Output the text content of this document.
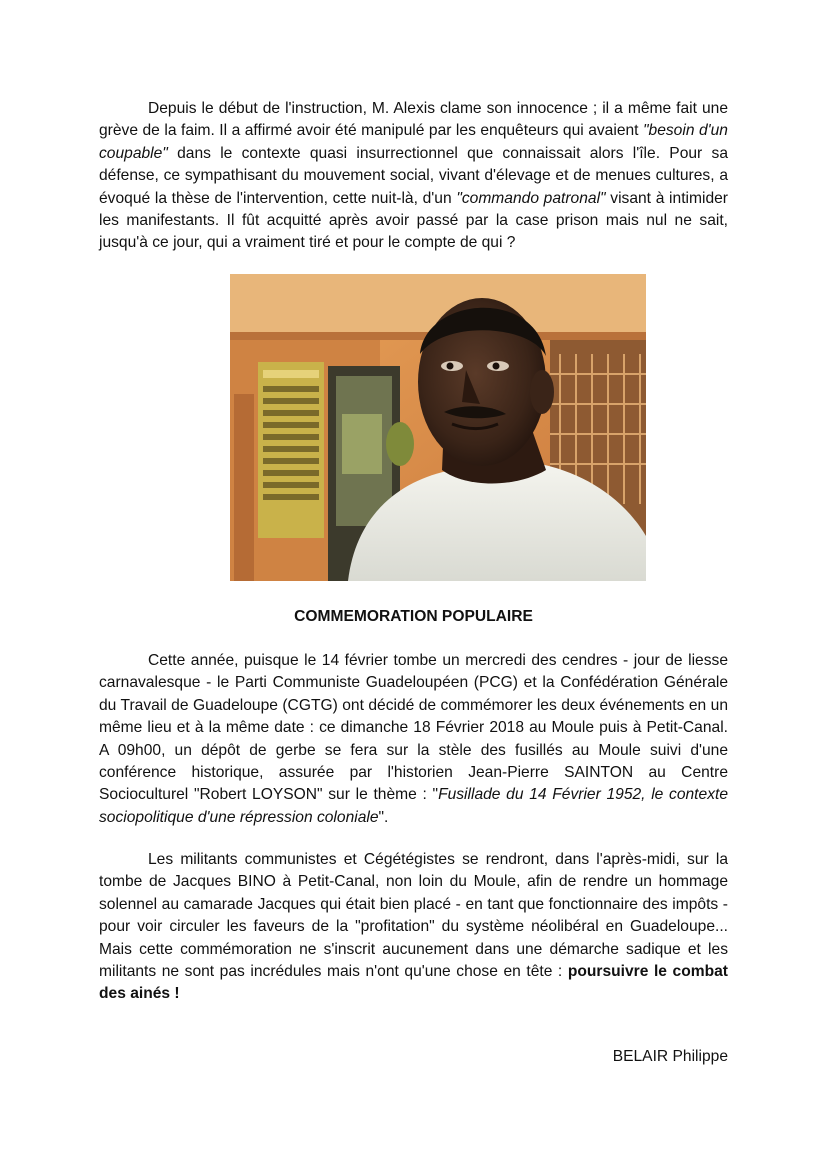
Depuis le début de l'instruction, M. Alexis clame son innocence ; il a même fait une grève de la faim. Il a affirmé avoir été manipulé par les enquêteurs qui avaient "besoin d'un coupable" dans le contexte quasi insurrectionnel que connaissait alors l'île. Pour sa défense, ce sympathisant du mouvement social, vivant d'élevage et de menues cultures, a évoqué la thèse de l'intervention, cette nuit-là, d'un "commando patronal" visant à intimider les manifestants. Il fût acquitté après avoir passé par la case prison mais nul ne sait, jusqu'à ce jour, qui a vraiment tiré et pour le compte de qui ?

COMMEMORATION POPULAIRE

Cette année, puisque le 14 février tombe un mercredi des cendres - jour de liesse carnavalesque - le Parti Communiste Guadeloupéen (PCG) et la Confédération Générale du Travail de Guadeloupe (CGTG) ont décidé de commémorer les deux événements en un même lieu et à la même date : ce dimanche 18 Février 2018 au Moule puis à Petit-Canal. A 09h00, un dépôt de gerbe se fera sur la stèle des fusillés au Moule suivi d'une conférence historique, assurée par l'historien Jean-Pierre SAINTON au Centre Socioculturel "Robert LOYSON" sur le thème : "Fusillade du 14 Février 1952, le contexte sociopolitique d'une répression coloniale".

Les militants communistes et Cégétégistes se rendront, dans l'après-midi, sur la tombe de Jacques BINO à Petit-Canal, non loin du Moule, afin de rendre un hommage solennel au camarade Jacques qui était bien placé - en tant que fonctionnaire des impôts - pour voir circuler les faveurs de la "profitation" du système néolibéral en Guadeloupe... Mais cette commémoration ne s'inscrit aucunement dans une démarche sadique et les militants ne sont pas incrédules mais n'ont qu'une chose en tête : poursuivre le combat des ainés !

BELAIR Philippe
